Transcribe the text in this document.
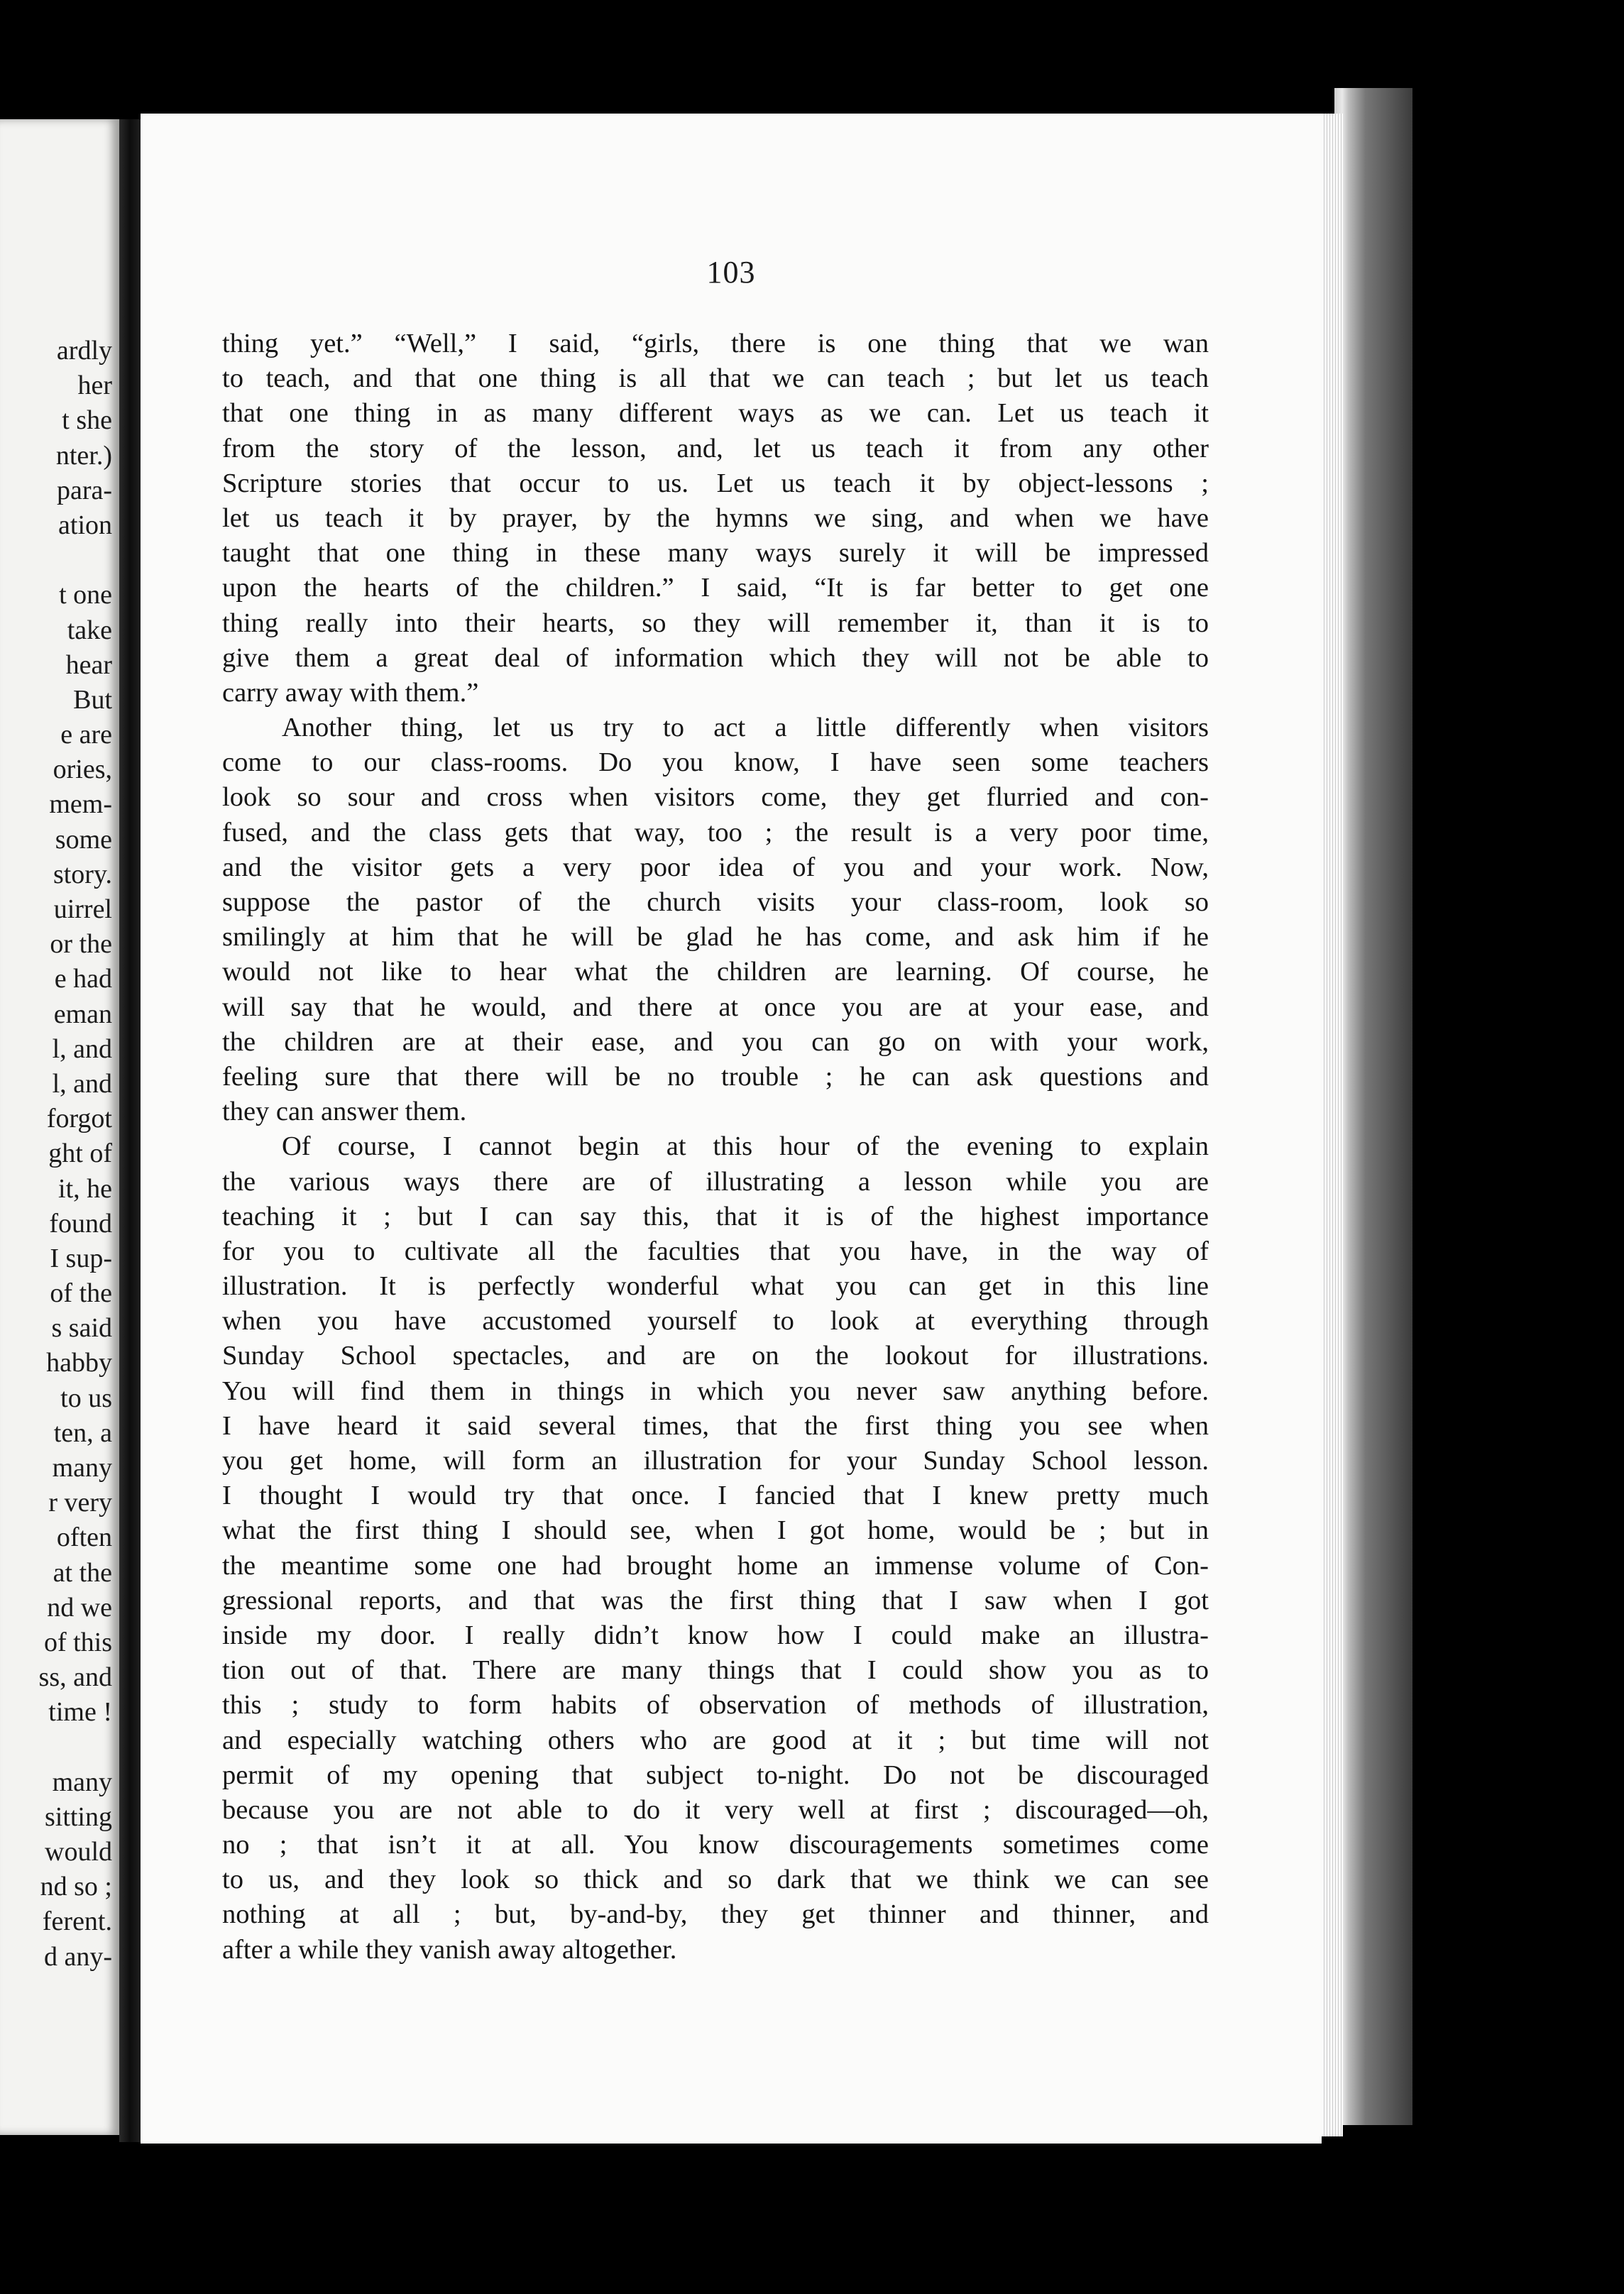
ardly
her
t she
nter.)
para-
ation
t one
take
hear
But
e are
ories,
mem-
some
story.
uirrel
or the
e had
eman
l, and
l, and
forgot
ght of
it, he
found
I sup-
of the
s said
habby
to us
ten, a
many
r very
often
at the
nd we
of this
ss, and
time !
many
sitting
would
nd so ;
ferent.
d any-
103
thing yet.” “Well,” I said, “girls, there is one thing that we wan
to teach, and that one thing is all that we can teach ; but let us teach
that one thing in as many different ways as we can. Let us teach it
from the story of the lesson, and, let us teach it from any other
Scripture stories that occur to us. Let us teach it by object-lessons ;
let us teach it by prayer, by the hymns we sing, and when we have
taught that one thing in these many ways surely it will be impressed
upon the hearts of the children.” I said, “It is far better to get one
thing really into their hearts, so they will remember it, than it is to
give them a great deal of information which they will not be able to
carry away with them.”
Another thing, let us try to act a little differently when visitors
come to our class-rooms. Do you know, I have seen some teachers
look so sour and cross when visitors come, they get flurried and con-
fused, and the class gets that way, too ; the result is a very poor time,
and the visitor gets a very poor idea of you and your work. Now,
suppose the pastor of the church visits your class-room, look so
smilingly at him that he will be glad he has come, and ask him if he
would not like to hear what the children are learning. Of course, he
will say that he would, and there at once you are at your ease, and
the children are at their ease, and you can go on with your work,
feeling sure that there will be no trouble ; he can ask questions and
they can answer them.
Of course, I cannot begin at this hour of the evening to explain
the various ways there are of illustrating a lesson while you are
teaching it ; but I can say this, that it is of the highest importance
for you to cultivate all the faculties that you have, in the way of
illustration. It is perfectly wonderful what you can get in this line
when you have accustomed yourself to look at everything through
Sunday School spectacles, and are on the lookout for illustrations.
You will find them in things in which you never saw anything before.
I have heard it said several times, that the first thing you see when
you get home, will form an illustration for your Sunday School lesson.
I thought I would try that once. I fancied that I knew pretty much
what the first thing I should see, when I got home, would be ; but in
the meantime some one had brought home an immense volume of Con-
gressional reports, and that was the first thing that I saw when I got
inside my door. I really didn’t know how I could make an illustra-
tion out of that. There are many things that I could show you as to
this ; study to form habits of observation of methods of illustration,
and especially watching others who are good at it ; but time will not
permit of my opening that subject to-night. Do not be discouraged
because you are not able to do it very well at first ; discouraged—oh,
no ; that isn’t it at all. You know discouragements sometimes come
to us, and they look so thick and so dark that we think we can see
nothing at all ; but, by-and-by, they get thinner and thinner, and
after a while they vanish away altogether.
